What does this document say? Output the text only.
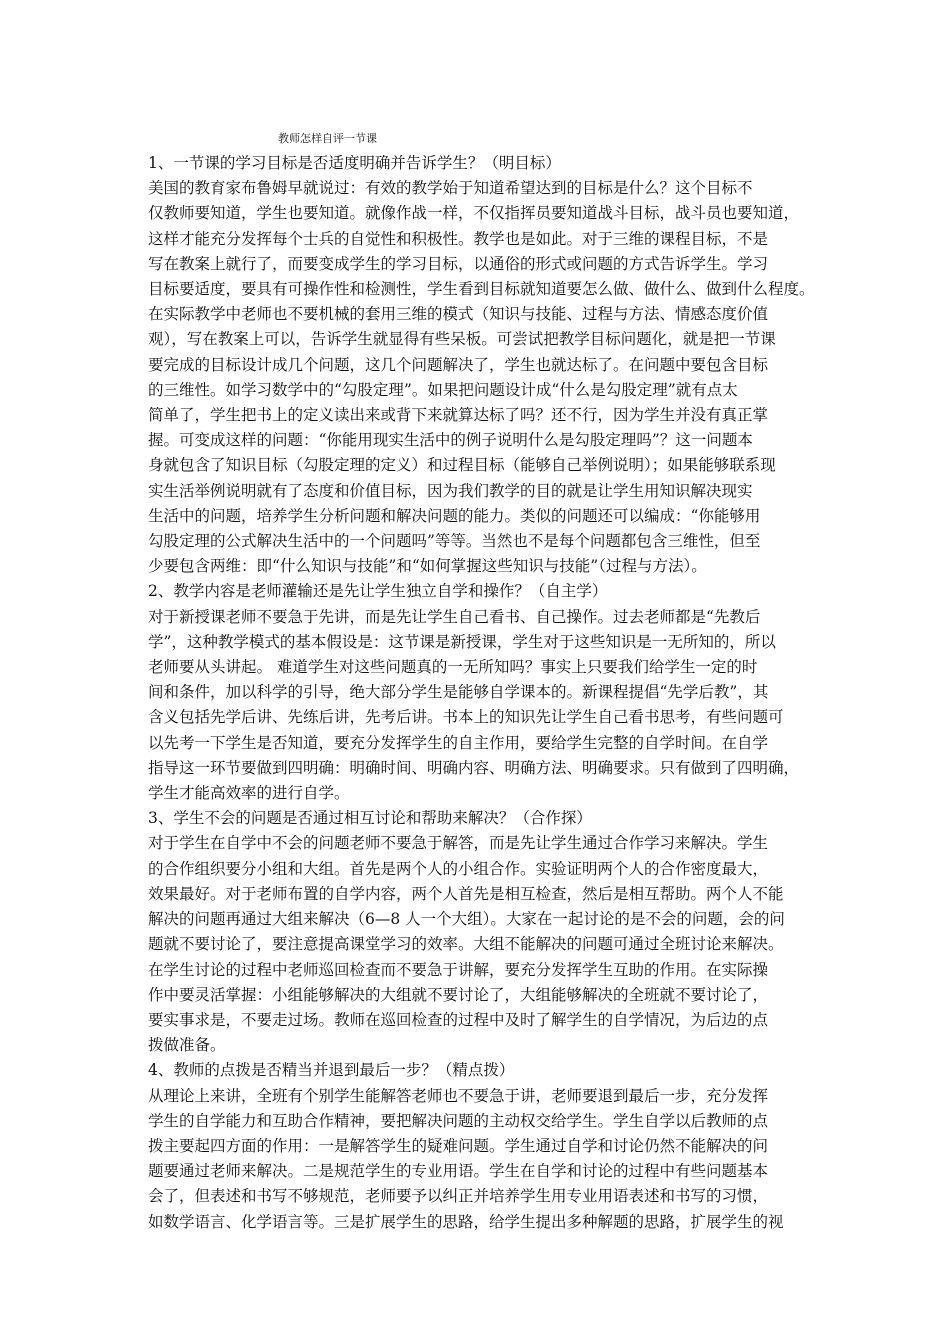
教师怎样自评一节课

1、一节课的学习目标是否适度明确并告诉学生？（明目标）

美国的教育家布鲁姆早就说过：有效的教学始于知道希望达到的目标是什么？这个目标不

仅教师要知道，学生也要知道。就像作战一样，不仅指挥员要知道战斗目标，战斗员也要知道，

这样才能充分发挥每个士兵的自觉性和积极性。教学也是如此。对于三维的课程目标，不是

写在教案上就行了，而要变成学生的学习目标，以通俗的形式或问题的方式告诉学生。学习

目标要适度，要具有可操作性和检测性，学生看到目标就知道要怎么做、做什么、做到什么程度。

在实际教学中老师也不要机械的套用三维的模式（知识与技能、过程与方法、情感态度价值

观），写在教案上可以，告诉学生就显得有些呆板。可尝试把教学目标问题化，就是把一节课

要完成的目标设计成几个问题，这几个问题解决了，学生也就达标了。在问题中要包含目标

的三维性。如学习数学中的“勾股定理”。如果把问题设计成“什么是勾股定理”就有点太

简单了，学生把书上的定义读出来或背下来就算达标了吗？还不行，因为学生并没有真正掌

握。可变成这样的问题：“你能用现实生活中的例子说明什么是勾股定理吗”？这一问题本

身就包含了知识目标（勾股定理的定义）和过程目标（能够自己举例说明）；如果能够联系现

实生活举例说明就有了态度和价值目标，因为我们教学的目的就是让学生用知识解决现实

生活中的问题，培养学生分析问题和解决问题的能力。类似的问题还可以编成：“你能够用

勾股定理的公式解决生活中的一个问题吗”等等。当然也不是每个问题都包含三维性，但至

少要包含两维：即“什么知识与技能”和“如何掌握这些知识与技能”（过程与方法）。

2、教学内容是老师灌输还是先让学生独立自学和操作？（自主学）

对于新授课老师不要急于先讲，而是先让学生自己看书、自己操作。过去老师都是“先教后

学”，这种教学模式的基本假设是：这节课是新授课，学生对于这些知识是一无所知的，所以

老师要从头讲起。 难道学生对这些问题真的一无所知吗？事实上只要我们给学生一定的时

间和条件，加以科学的引导，绝大部分学生是能够自学课本的。新课程提倡“先学后教”，其

含义包括先学后讲、先练后讲，先考后讲。书本上的知识先让学生自己看书思考，有些问题可

以先考一下学生是否知道，要充分发挥学生的自主作用，要给学生完整的自学时间。在自学

指导这一环节要做到四明确：明确时间、明确内容、明确方法、明确要求。只有做到了四明确，

学生才能高效率的进行自学。

3、学生不会的问题是否通过相互讨论和帮助来解决？（合作探）

对于学生在自学中不会的问题老师不要急于解答，而是先让学生通过合作学习来解决。学生

的合作组织要分小组和大组。首先是两个人的小组合作。实验证明两个人的合作密度最大，

效果最好。对于老师布置的自学内容，两个人首先是相互检查，然后是相互帮助。两个人不能

解决的问题再通过大组来解决（6—8 人一个大组）。大家在一起讨论的是不会的问题，会的问

题就不要讨论了，要注意提高课堂学习的效率。大组不能解决的问题可通过全班讨论来解决。

在学生讨论的过程中老师巡回检查而不要急于讲解，要充分发挥学生互助的作用。在实际操

作中要灵活掌握：小组能够解决的大组就不要讨论了，大组能够解决的全班就不要讨论了，

要实事求是，不要走过场。教师在巡回检查的过程中及时了解学生的自学情况，为后边的点

拨做准备。

4、教师的点拨是否精当并退到最后一步？（精点拨）

从理论上来讲，全班有个别学生能解答老师也不要急于讲，老师要退到最后一步，充分发挥

学生的自学能力和互助合作精神，要把解决问题的主动权交给学生。学生自学以后教师的点

拨主要起四方面的作用：一是解答学生的疑难问题。学生通过自学和讨论仍然不能解决的问

题要通过老师来解决。二是规范学生的专业用语。学生在自学和讨论的过程中有些问题基本

会了，但表述和书写不够规范，老师要予以纠正并培养学生用专业用语表述和书写的习惯，

如数学语言、化学语言等。三是扩展学生的思路，给学生提出多种解题的思路，扩展学生的视
